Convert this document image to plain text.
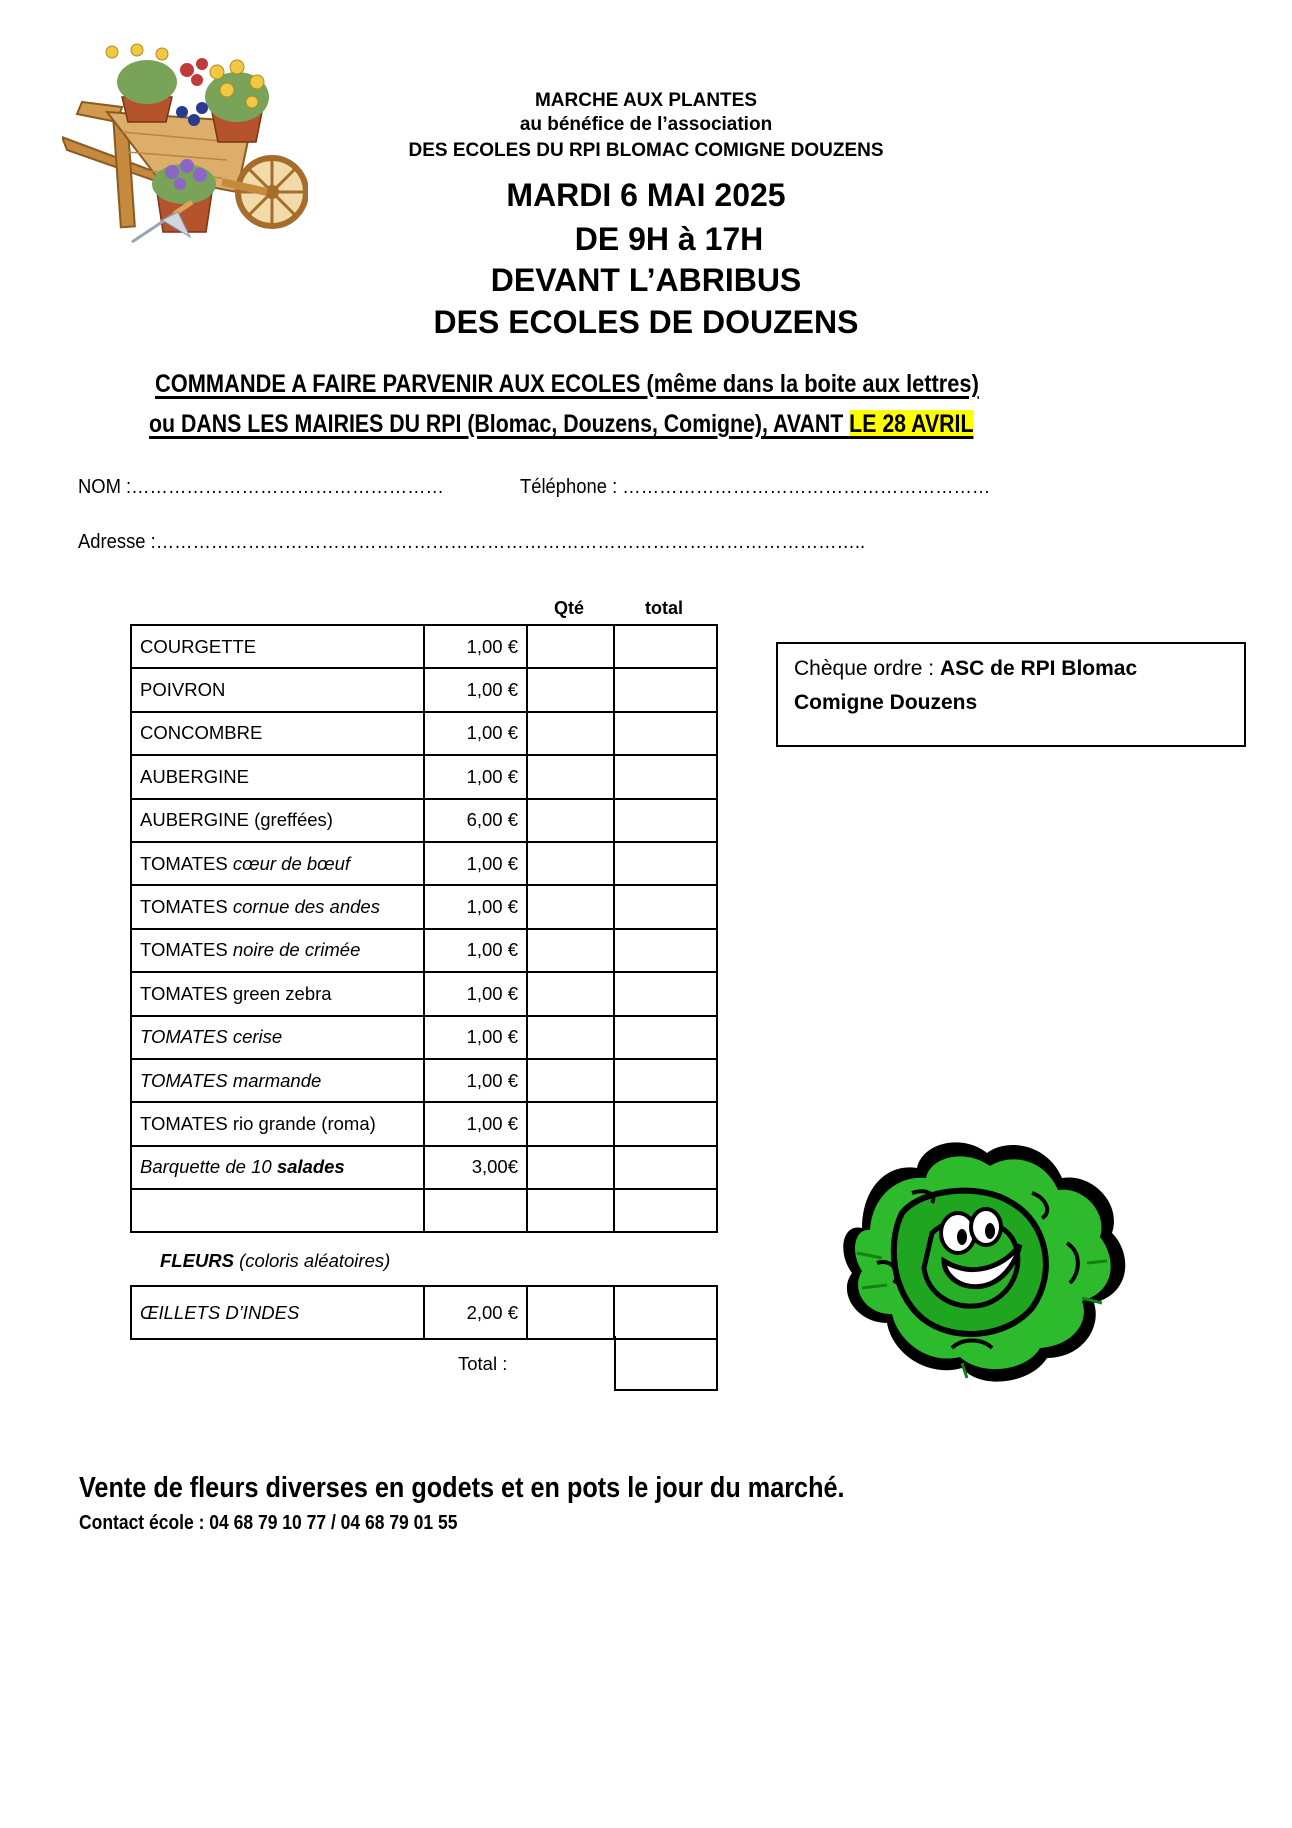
MARCHE AUX PLANTES
au bénéfice de l’association
DES ECOLES DU RPI BLOMAC COMIGNE DOUZENS
MARDI 6 MAI 2025
DE 9H à 17H
DEVANT L’ABRIBUS
DES ECOLES DE DOUZENS
COMMANDE A FAIRE PARVENIR AUX ECOLES (même dans la boite aux lettres)
ou DANS LES MAIRIES DU RPI (Blomac, Douzens, Comigne), AVANT LE 28 AVRIL
NOM :……………………………………………	Téléphone : ……………………………………………………
Adresse :……………………………………………………………………………………………………..
Qté	total
COURGETTE	1,00 €		
POIVRON	1,00 €		
CONCOMBRE	1,00 €		
AUBERGINE	1,00 €		
AUBERGINE (greffées)	6,00 €		
TOMATES cœur de bœuf	1,00 €		
TOMATES cornue des andes	1,00 €		
TOMATES noire de crimée	1,00 €		
TOMATES green zebra	1,00 €		
TOMATES cerise	1,00 €		
TOMATES marmande	1,00 €		
TOMATES rio grande (roma)	1,00 €		
Barquette de 10 salades	3,00€		

FLEURS (coloris aléatoires)
ŒILLETS D’INDES	2,00 €		
Total :
Chèque ordre : ASC de RPI Blomac Comigne Douzens
Vente de fleurs diverses en godets et en pots le jour du marché.
Contact école : 04 68 79 10 77 / 04 68 79 01 55
